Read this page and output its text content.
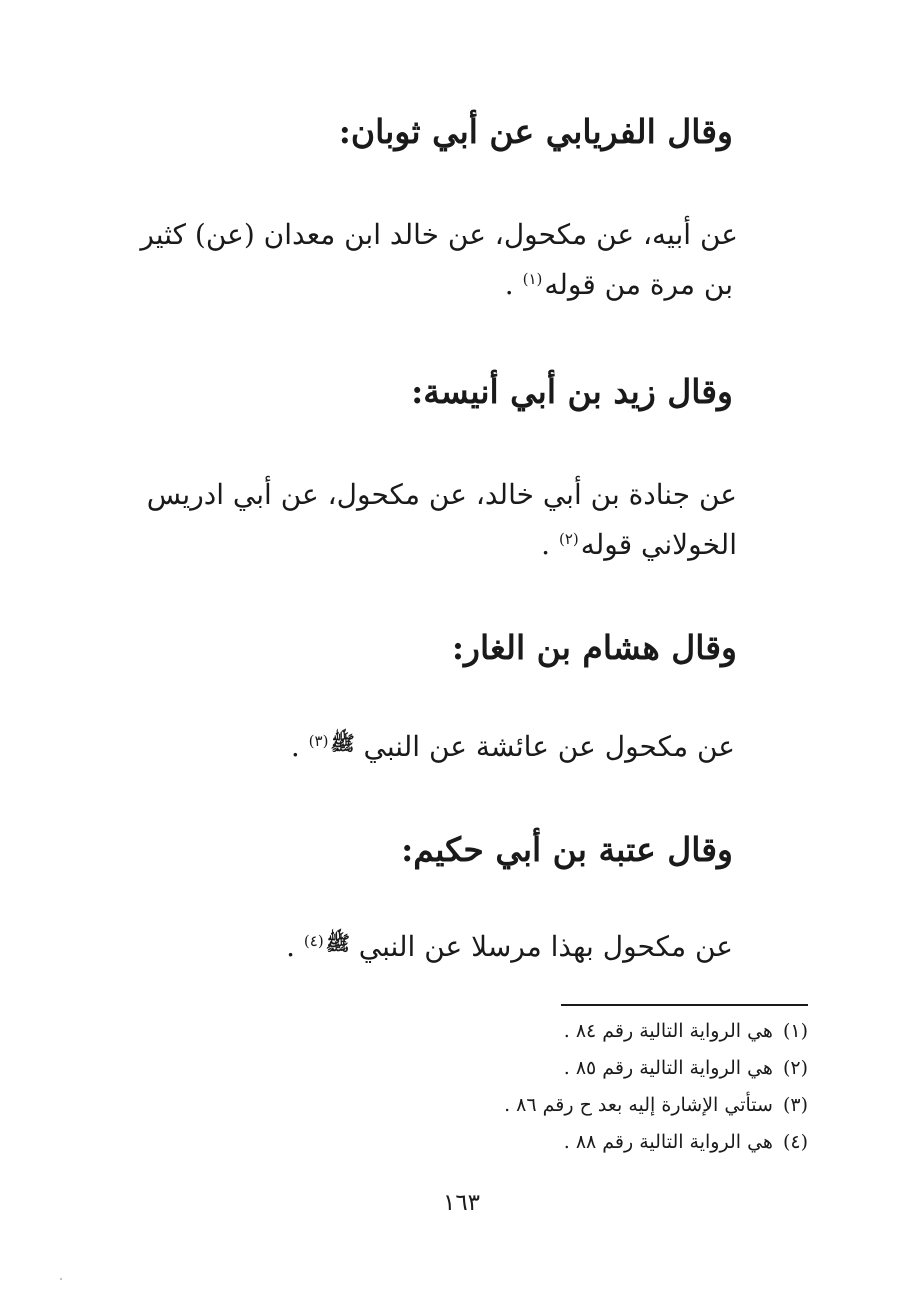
وقال الفريابي عن أبي ثوبان:
عن أبيه، عن مكحول، عن خالد ابن معدان (عن) كثير
بن مرة من قوله$^{(١)}$ .
وقال زيد بن أبي أنيسة:
عن جنادة بن أبي خالد، عن مكحول، عن أبي ادريس
الخولاني قوله$^{(٢)}$ .
وقال هشام بن الغار:
عن مكحول عن عائشة عن النبي $^{ﷺ(٣)}$ .
وقال عتبة بن أبي حكيم:
عن مكحول بهذا مرسلا عن النبي $^{ﷺ(٤)}$ .
(١)هي الرواية التالية رقم ٨٤ .
(٢)هي الرواية التالية رقم ٨٥ .
(٣)ستأتي الإشارة إليه بعد ح رقم ٨٦ .
(٤)هي الرواية التالية رقم ٨٨ .
١٦٣
